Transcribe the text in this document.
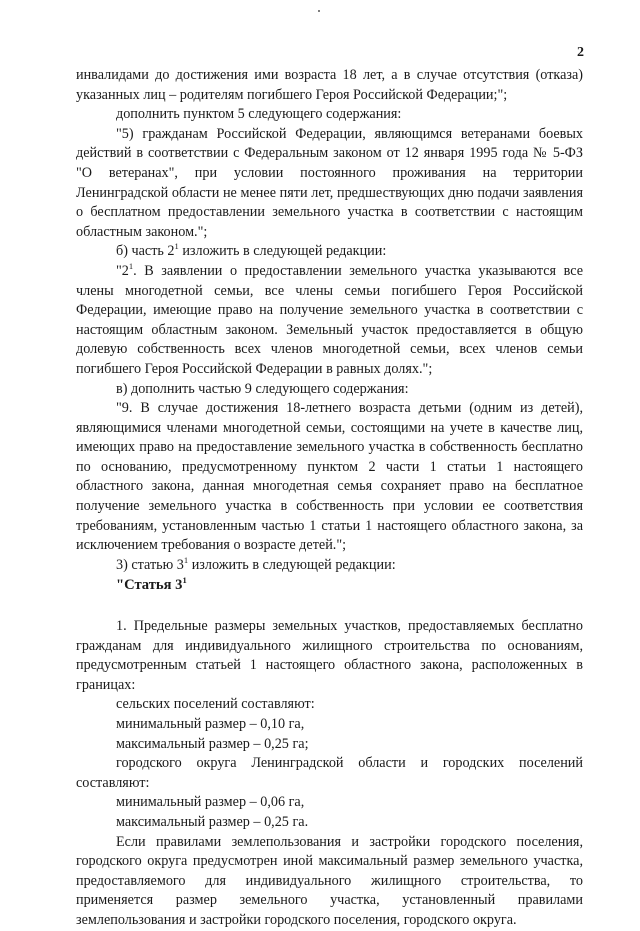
2

инвалидами до достижения ими возраста 18 лет, а в случае отсутствия (отказа) указанных лиц – родителям погибшего Героя Российской Федерации;";

дополнить пунктом 5 следующего содержания:

"5) гражданам Российской Федерации, являющимся ветеранами боевых действий в соответствии с Федеральным законом от 12 января 1995 года № 5-ФЗ "О ветеранах", при условии постоянного проживания на территории Ленинградской области не менее пяти лет, предшествующих дню подачи заявления о бесплатном предоставлении земельного участка в соответствии с настоящим областным законом.";

б) часть $2^1$ изложить в следующей редакции:

"$2^1$. В заявлении о предоставлении земельного участка указываются все члены многодетной семьи, все члены семьи погибшего Героя Российской Федерации, имеющие право на получение земельного участка в соответствии с настоящим областным законом. Земельный участок предоставляется в общую долевую собственность всех членов многодетной семьи, всех членов семьи погибшего Героя Российской Федерации в равных долях.";

в) дополнить частью 9 следующего содержания:

"9. В случае достижения 18-летнего возраста детьми (одним из детей), являющимися членами многодетной семьи, состоящими на учете в качестве лиц, имеющих право на предоставление земельного участка в собственность бесплатно по основанию, предусмотренному пунктом 2 части 1 статьи 1 настоящего областного закона, данная многодетная семья сохраняет право на бесплатное получение земельного участка в собственность при условии ее соответствия требованиям, установленным частью 1 статьи 1 настоящего областного закона, за исключением требования о возрасте детей.";

3) статью $3^1$ изложить в следующей редакции:

"Статья $3^1$

1. Предельные размеры земельных участков, предоставляемых бесплатно гражданам для индивидуального жилищного строительства по основаниям, предусмотренным статьей 1 настоящего областного закона, расположенных в границах:

сельских поселений составляют:

минимальный размер – 0,10 га,

максимальный размер – 0,25 га;

городского округа Ленинградской области и городских поселений составляют:

минимальный размер – 0,06 га,

максимальный размер – 0,25 га.

Если правилами землепользования и застройки городского поселения, городского округа предусмотрен иной максимальный размер земельного участка, предоставляемого для индивидуального жилищного строительства, то применяется размер земельного участка, установленный правилами землепользования и застройки городского поселения, городского округа.
